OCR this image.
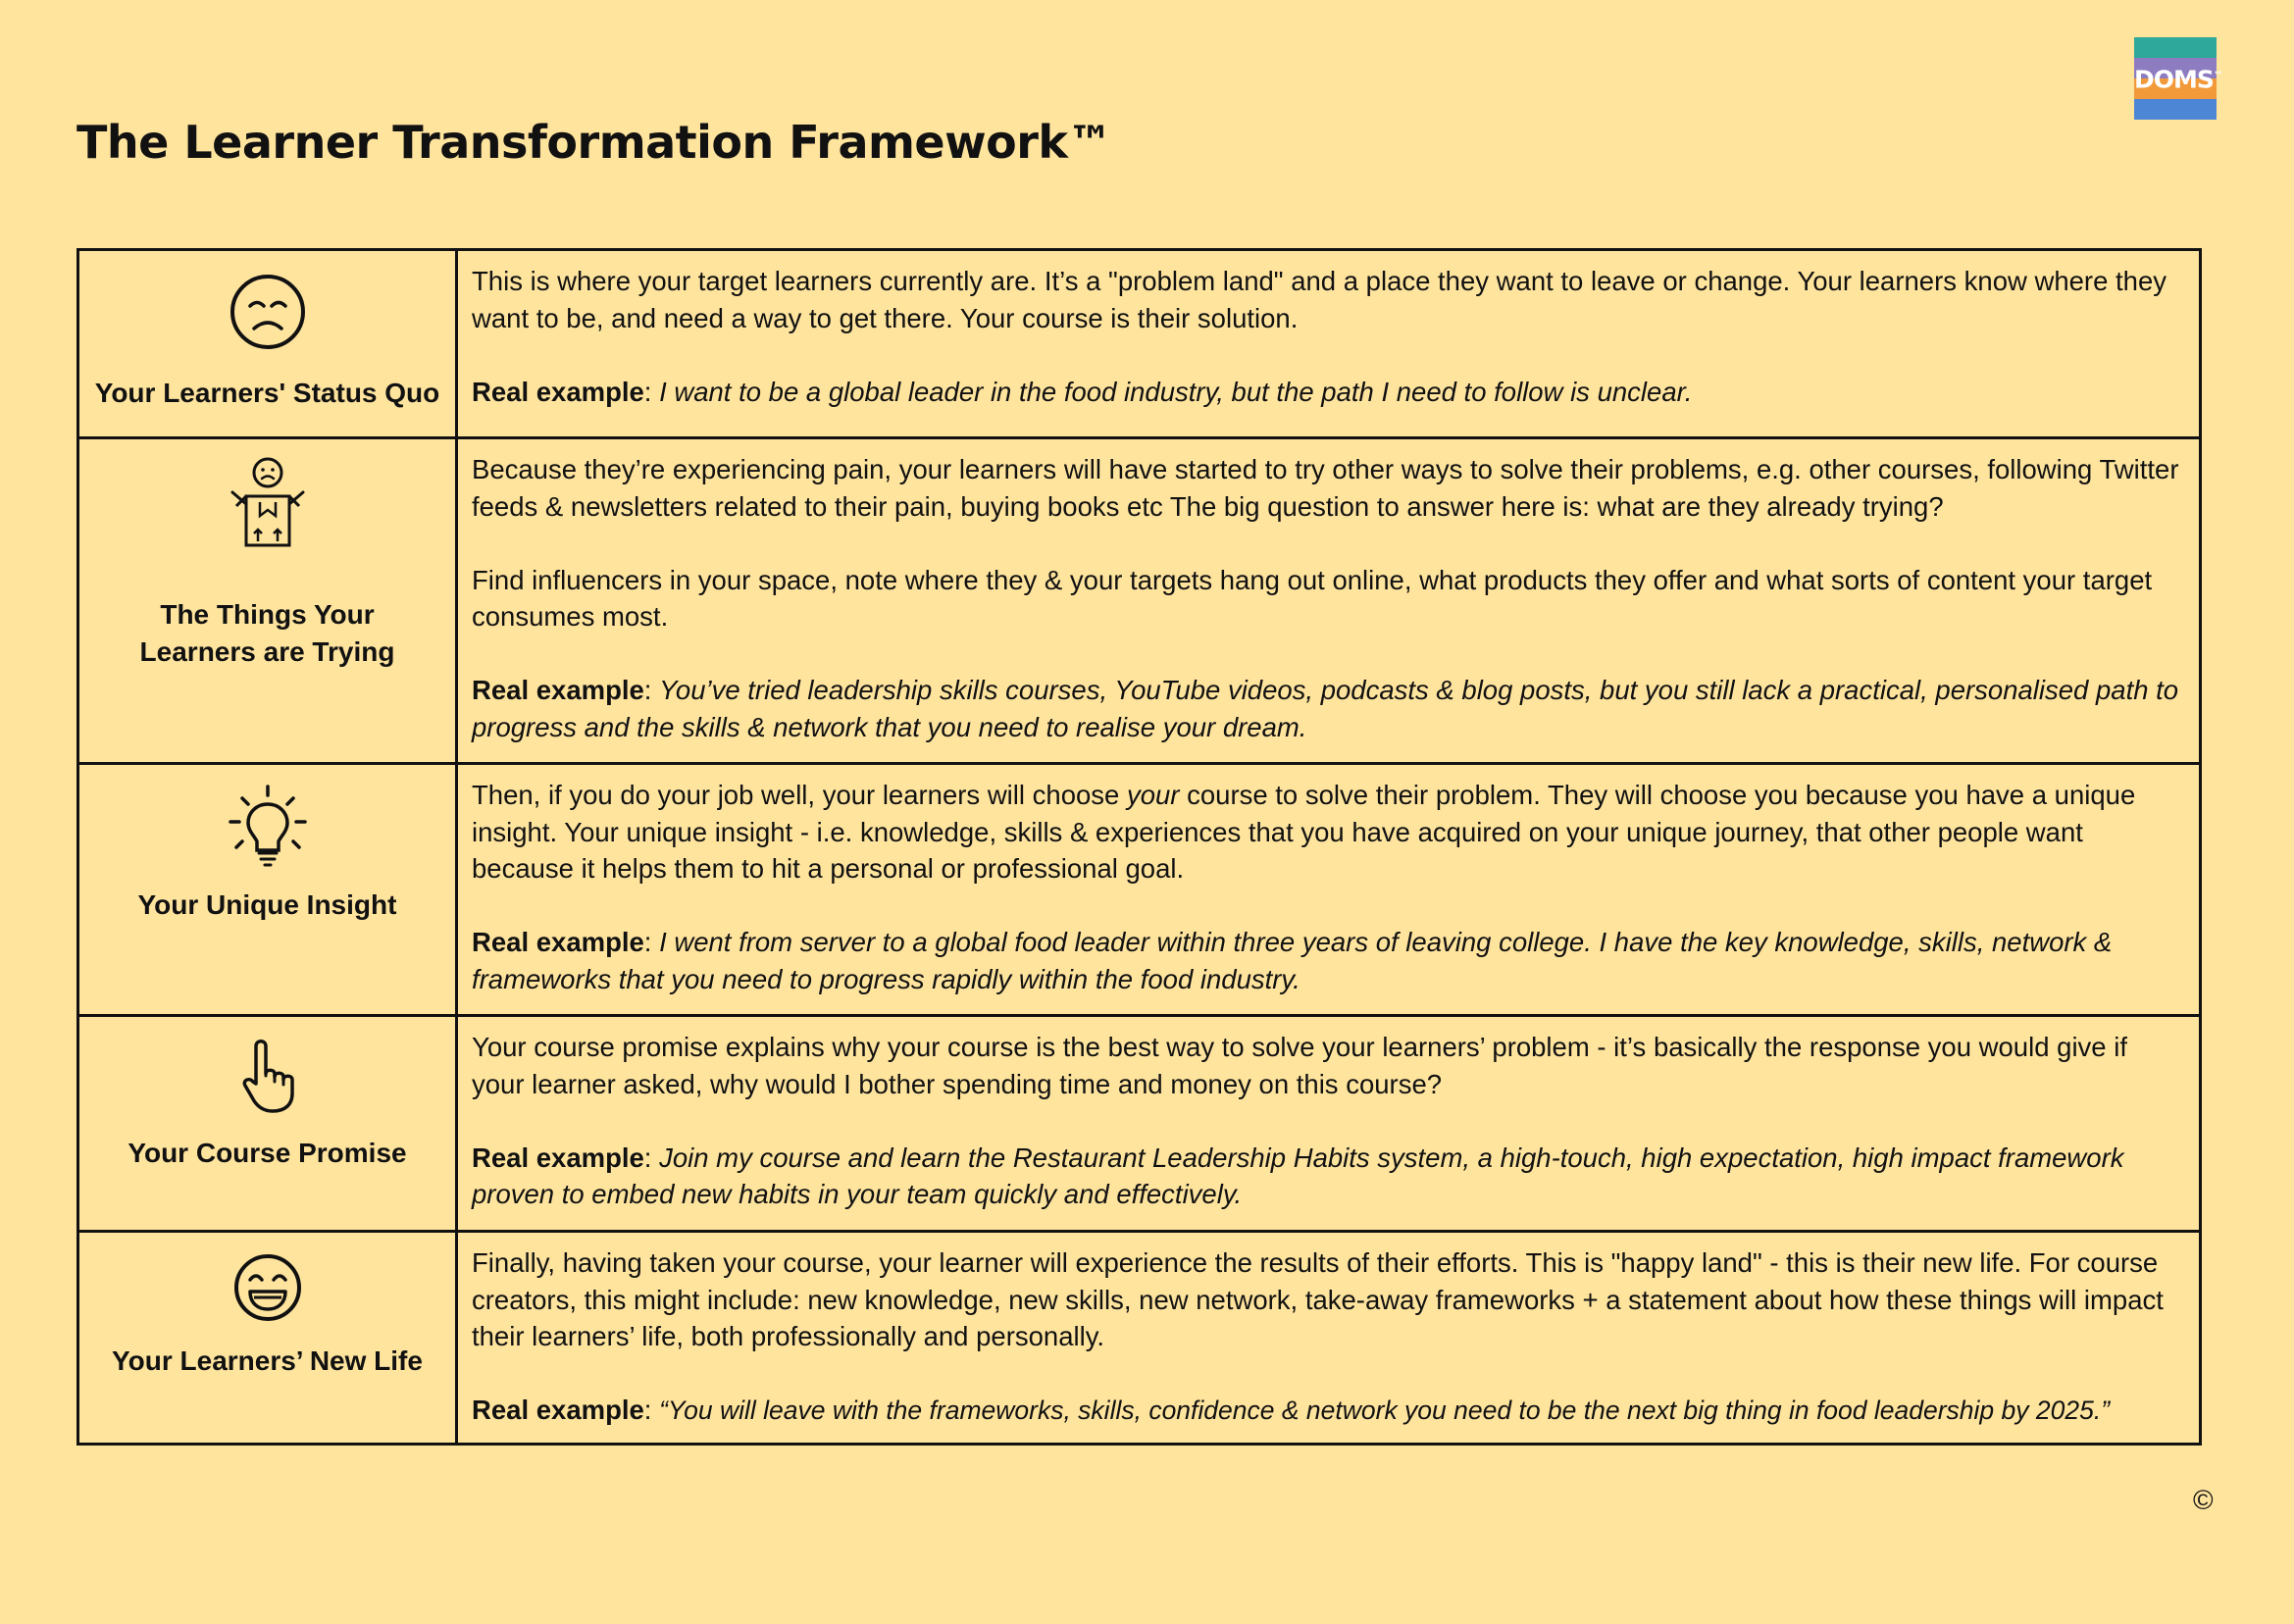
The Learner Transformation Framework™
DOMS™
Your Learners' Status Quo	This is where your target learners currently are. It’s a "problem land" and a place they want to leave or change. Your learners know where they want to be, and need a way to get there. Your course is their solution.

Real example: I want to be a global leader in the food industry, but the path I need to follow is unclear.

The Things Your Learners are Trying	Because they’re experiencing pain, your learners will have started to try other ways to solve their problems, e.g. other courses, following Twitter feeds & newsletters related to their pain, buying books etc The big question to answer here is: what are they already trying?

Find influencers in your space, note where they & your targets hang out online, what products they offer and what sorts of content your target consumes most.

Real example: You’ve tried leadership skills courses, YouTube videos, podcasts & blog posts, but you still lack a practical, personalised path to progress and the skills & network that you need to realise your dream.

Your Unique Insight	Then, if you do your job well, your learners will choose your course to solve their problem. They will choose you because you have a unique insight. Your unique insight - i.e. knowledge, skills & experiences that you have acquired on your unique journey, that other people want because it helps them to hit a personal or professional goal.

Real example: I went from server to a global food leader within three years of leaving college. I have the key knowledge, skills, network & frameworks that you need to progress rapidly within the food industry.

Your Course Promise	Your course promise explains why your course is the best way to solve your learners’ problem - it’s basically the response you would give if your learner asked, why would I bother spending time and money on this course?

Real example: Join my course and learn the Restaurant Leadership Habits system, a high-touch, high expectation, high impact framework proven to embed new habits in your team quickly and effectively.

Your Learners’ New Life	Finally, having taken your course, your learner will experience the results of their efforts. This is "happy land" - this is their new life. For course creators, this might include: new knowledge, new skills, new network, take-away frameworks + a statement about how these things will impact their learners’ life, both professionally and personally.

Real example: “You will leave with the frameworks, skills, confidence & network you need to be the next big thing in food leadership by 2025.”

©
